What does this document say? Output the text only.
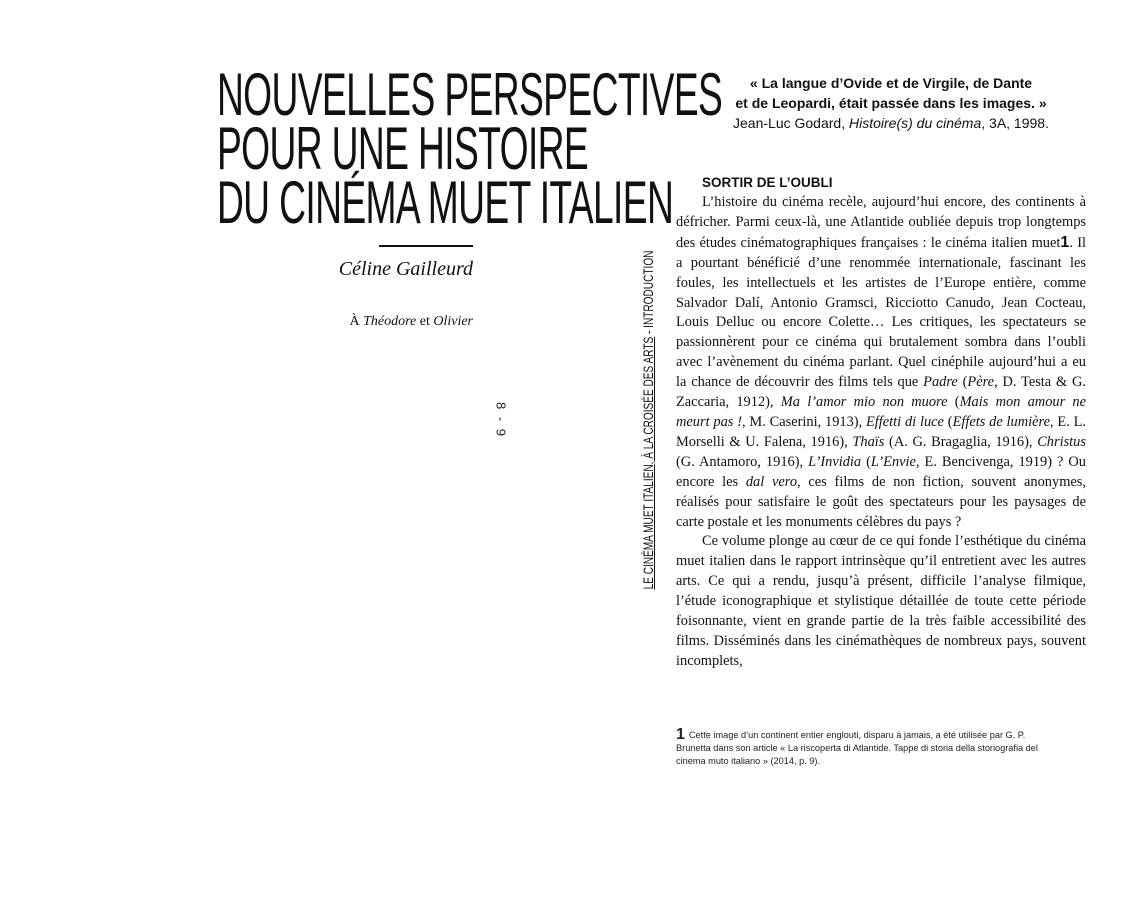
NOUVELLES PERSPECTIVES
POUR UNE HISTOIRE
DU CINÉMA MUET ITALIEN
Céline Gailleurd
À Théodore et Olivier
8 - 9	LE CINÉMA MUET ITALIEN, À LA CROISÉE DES ARTS - INTRODUCTION
« La langue d’Ovide et de Virgile, de Dante
et de Leopardi, était passée dans les images. »
Jean-Luc Godard, Histoire(s) du cinéma, 3A, 1998.
SORTIR DE L’OUBLI

L’histoire du cinéma recèle, aujourd’hui encore, des continents à défricher. Parmi ceux-là, une Atlantide oubliée depuis trop longtemps des études cinématographiques françaises : le cinéma italien muet1. Il a pourtant bénéficié d’une renommée internationale, fascinant les foules, les intellectuels et les artistes de l’Europe entière, comme Salvador Dalí, Antonio Gramsci, Ricciotto Canudo, Jean Cocteau, Louis Delluc ou encore Colette… Les critiques, les spectateurs se passionnèrent pour ce cinéma qui brutalement sombra dans l’oubli avec l’avènement du cinéma parlant. Quel cinéphile aujourd’hui a eu la chance de découvrir des films tels que Padre (Père, D. Testa & G. Zaccaria, 1912), Ma l’amor mio non muore (Mais mon amour ne meurt pas !, M. Caserini, 1913), Effetti di luce (Effets de lumière, E. L. Morselli & U. Falena, 1916), Thaïs (A. G. Bragaglia, 1916), Christus (G. Antamoro, 1916), L’Invidia (L’Envie, E. Bencivenga, 1919) ? Ou encore les dal vero, ces films de non fiction, souvent anonymes, réalisés pour satisfaire le goût des spectateurs pour les paysages de carte postale et les monuments célèbres du pays ?

Ce volume plonge au cœur de ce qui fonde l’esthétique du cinéma muet italien dans le rapport intrinsèque qu’il entretient avec les autres arts. Ce qui a rendu, jusqu’à présent, difficile l’analyse filmique, l’étude iconographique et stylistique détaillée de toute cette période foisonnante, vient en grande partie de la très faible accessibilité des films. Disséminés dans les cinémathèques de nombreux pays, souvent incomplets,

1 Cette image d’un continent entier englouti, disparu à jamais, a été utilisée par G. P. Brunetta dans son article « La riscoperta di Atlantide. Tappe di storia della storiografia del cinema muto italiano » (2014, p. 9).
